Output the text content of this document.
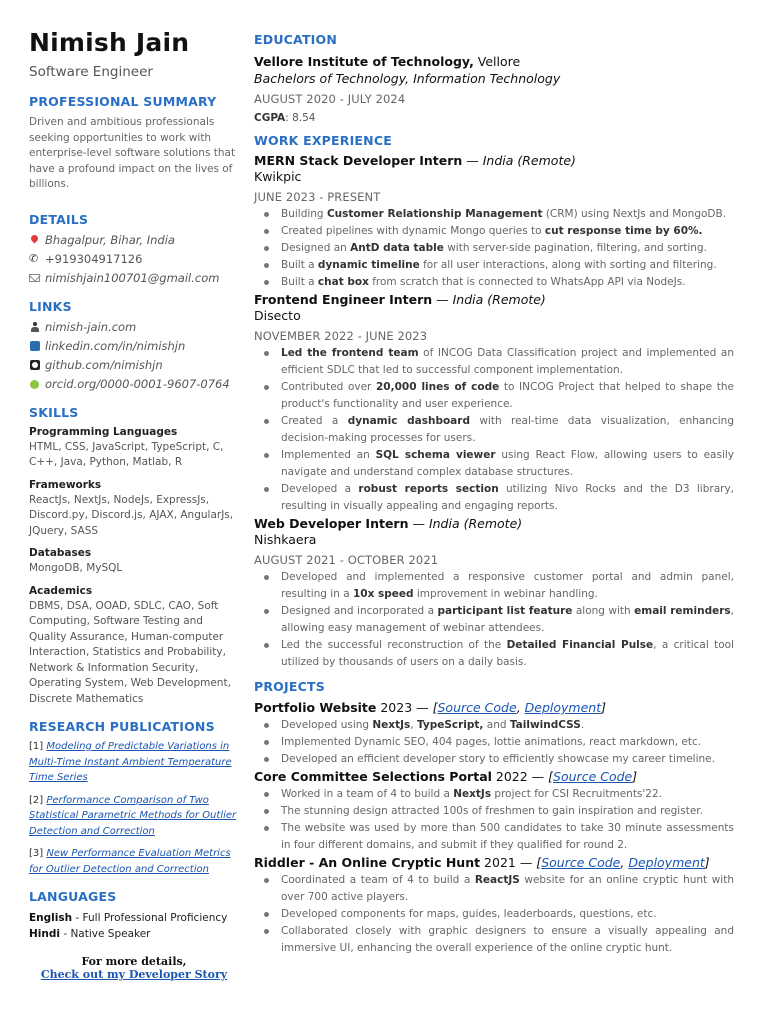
Nimish Jain
Software Engineer
PROFESSIONAL SUMMARY
Driven and ambitious professionals seeking opportunities to work with enterprise-level software solutions that have a profound impact on the lives of billions.
DETAILS
Bhagalpur, Bihar, India
✆ +919304917126
nimishjain100701@gmail.com
LINKS
nimish-jain.com
linkedin.com/in/nimishjn
github.com/nimishjn
orcid.org/0000-0001-9607-0764
SKILLS
Programming Languages
HTML, CSS, JavaScript, TypeScript, C, C++, Java, Python, Matlab, R
Frameworks
ReactJs, NextJs, NodeJs, ExpressJs, Discord.py, Discord.js, AJAX, AngularJs, JQuery, SASS
Databases
MongoDB, MySQL
Academics
DBMS, DSA, OOAD, SDLC, CAO, Soft Computing, Software Testing and Quality Assurance, Human-computer Interaction, Statistics and Probability, Network & Information Security, Operating System, Web Development, Discrete Mathematics
RESEARCH PUBLICATIONS
[1] Modeling of Predictable Variations in Multi-Time Instant Ambient Temperature Time Series
[2] Performance Comparison of Two Statistical Parametric Methods for Outlier Detection and Correction
[3] New Performance Evaluation Metrics for Outlier Detection and Correction
LANGUAGES
English - Full Professional Proficiency
Hindi - Native Speaker
For more details,
Check out my Developer Story
EDUCATION
Vellore Institute of Technology, Vellore
Bachelors of Technology, Information Technology
AUGUST 2020 - JULY 2024
CGPA: 8.54
WORK EXPERIENCE
MERN Stack Developer Intern — India (Remote)
Kwikpic
JUNE 2023 - PRESENT
Building Customer Relationship Management (CRM) using NextJs and MongoDB.
Created pipelines with dynamic Mongo queries to cut response time by 60%.
Designed an AntD data table with server-side pagination, filtering, and sorting.
Built a dynamic timeline for all user interactions, along with sorting and filtering.
Built a chat box from scratch that is connected to WhatsApp API via NodeJs.
Frontend Engineer Intern — India (Remote)
Disecto
NOVEMBER 2022 - JUNE 2023
Led the frontend team of INCOG Data Classification project and implemented an efficient SDLC that led to successful component implementation.
Contributed over 20,000 lines of code to INCOG Project that helped to shape the product's functionality and user experience.
Created a dynamic dashboard with real-time data visualization, enhancing decision-making processes for users.
Implemented an SQL schema viewer using React Flow, allowing users to easily navigate and understand complex database structures.
Developed a robust reports section utilizing Nivo Rocks and the D3 library, resulting in visually appealing and engaging reports.
Web Developer Intern — India (Remote)
Nishkaera
AUGUST 2021 - OCTOBER 2021
Developed and implemented a responsive customer portal and admin panel, resulting in a 10x speed improvement in webinar handling.
Designed and incorporated a participant list feature along with email reminders, allowing easy management of webinar attendees.
Led the successful reconstruction of the Detailed Financial Pulse, a critical tool utilized by thousands of users on a daily basis.
PROJECTS
Portfolio Website 2023 — [Source Code, Deployment]
Developed using NextJs, TypeScript, and TailwindCSS.
Implemented Dynamic SEO, 404 pages, lottie animations, react markdown, etc.
Developed an efficient developer story to efficiently showcase my career timeline.
Core Committee Selections Portal 2022 — [Source Code]
Worked in a team of 4 to build a NextJs project for CSI Recruitments'22.
The stunning design attracted 100s of freshmen to gain inspiration and register.
The website was used by more than 500 candidates to take 30 minute assessments in four different domains, and submit if they qualified for round 2.
Riddler - An Online Cryptic Hunt 2021 — [Source Code, Deployment]
Coordinated a team of 4 to build a ReactJS website for an online cryptic hunt with over 700 active players.
Developed components for maps, guides, leaderboards, questions, etc.
Collaborated closely with graphic designers to ensure a visually appealing and immersive UI, enhancing the overall experience of the online cryptic hunt.
